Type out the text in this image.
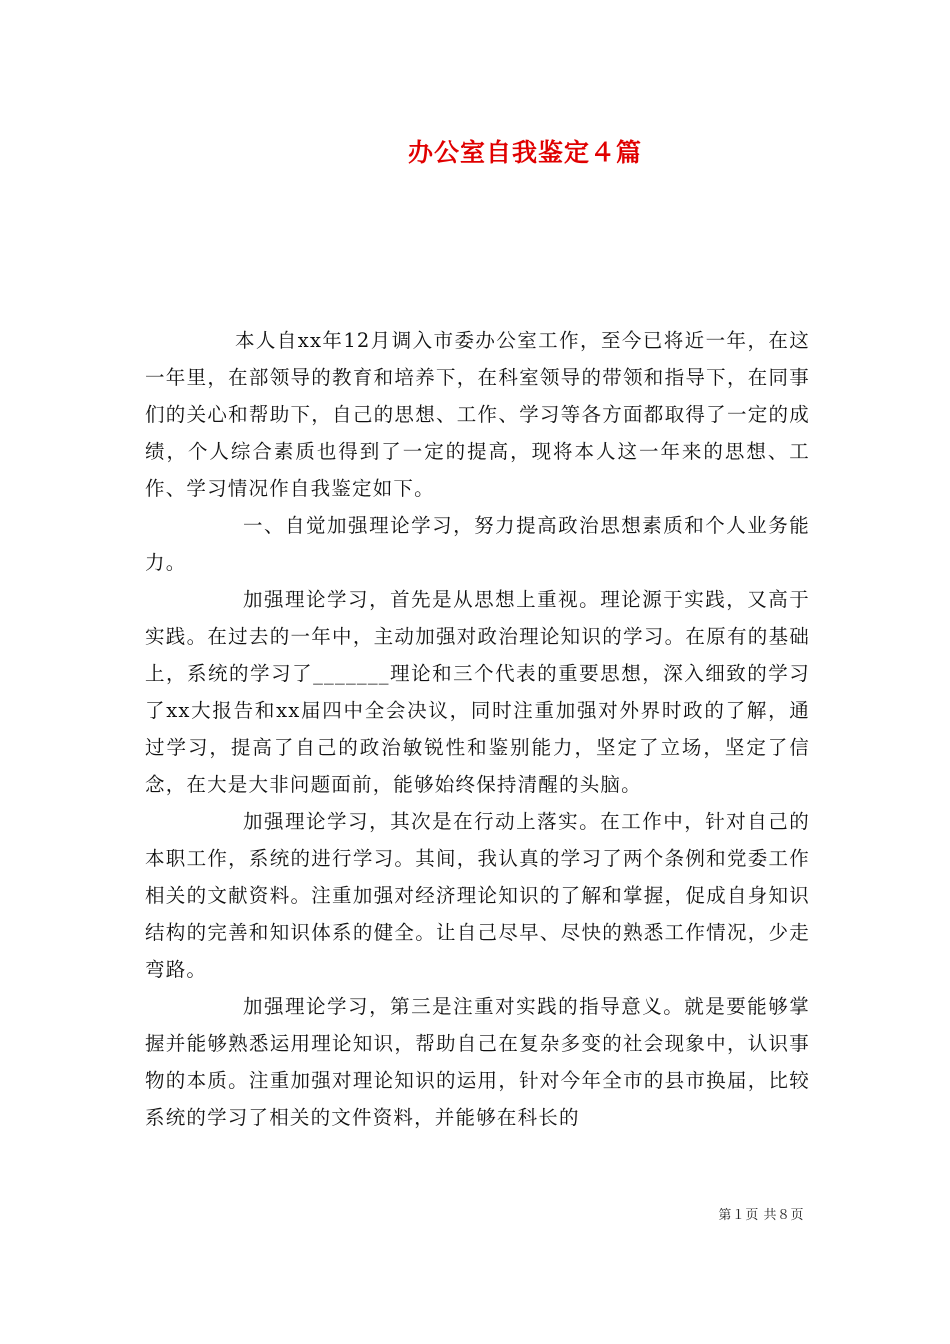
办公室自我鉴定４篇

本人自xx年12月调入市委办公室工作，至今已将近一年，在这一年里，在部领导的教育和培养下，在科室领导的带领和指导下，在同事们的关心和帮助下，自己的思想、工作、学习等各方面都取得了一定的成绩，个人综合素质也得到了一定的提高，现将本人这一年来的思想、工作、学习情况作自我鉴定如下。

一、自觉加强理论学习，努力提高政治思想素质和个人业务能力。

加强理论学习，首先是从思想上重视。理论源于实践，又高于实践。在过去的一年中，主动加强对政治理论知识的学习。在原有的基础上，系统的学习了_______理论和三个代表的重要思想，深入细致的学习了xx大报告和xx届四中全会决议，同时注重加强对外界时政的了解，通过学习，提高了自己的政治敏锐性和鉴别能力，坚定了立场，坚定了信念，在大是大非问题面前，能够始终保持清醒的头脑。

加强理论学习，其次是在行动上落实。在工作中，针对自己的本职工作，系统的进行学习。其间，我认真的学习了两个条例和党委工作相关的文献资料。注重加强对经济理论知识的了解和掌握，促成自身知识结构的完善和知识体系的健全。让自己尽早、尽快的熟悉工作情况，少走弯路。

加强理论学习，第三是注重对实践的指导意义。就是要能够掌握并能够熟悉运用理论知识，帮助自己在复杂多变的社会现象中，认识事物的本质。注重加强对理论知识的运用，针对今年全市的县市换届，比较系统的学习了相关的文件资料，并能够在科长的

第１页 共８页
